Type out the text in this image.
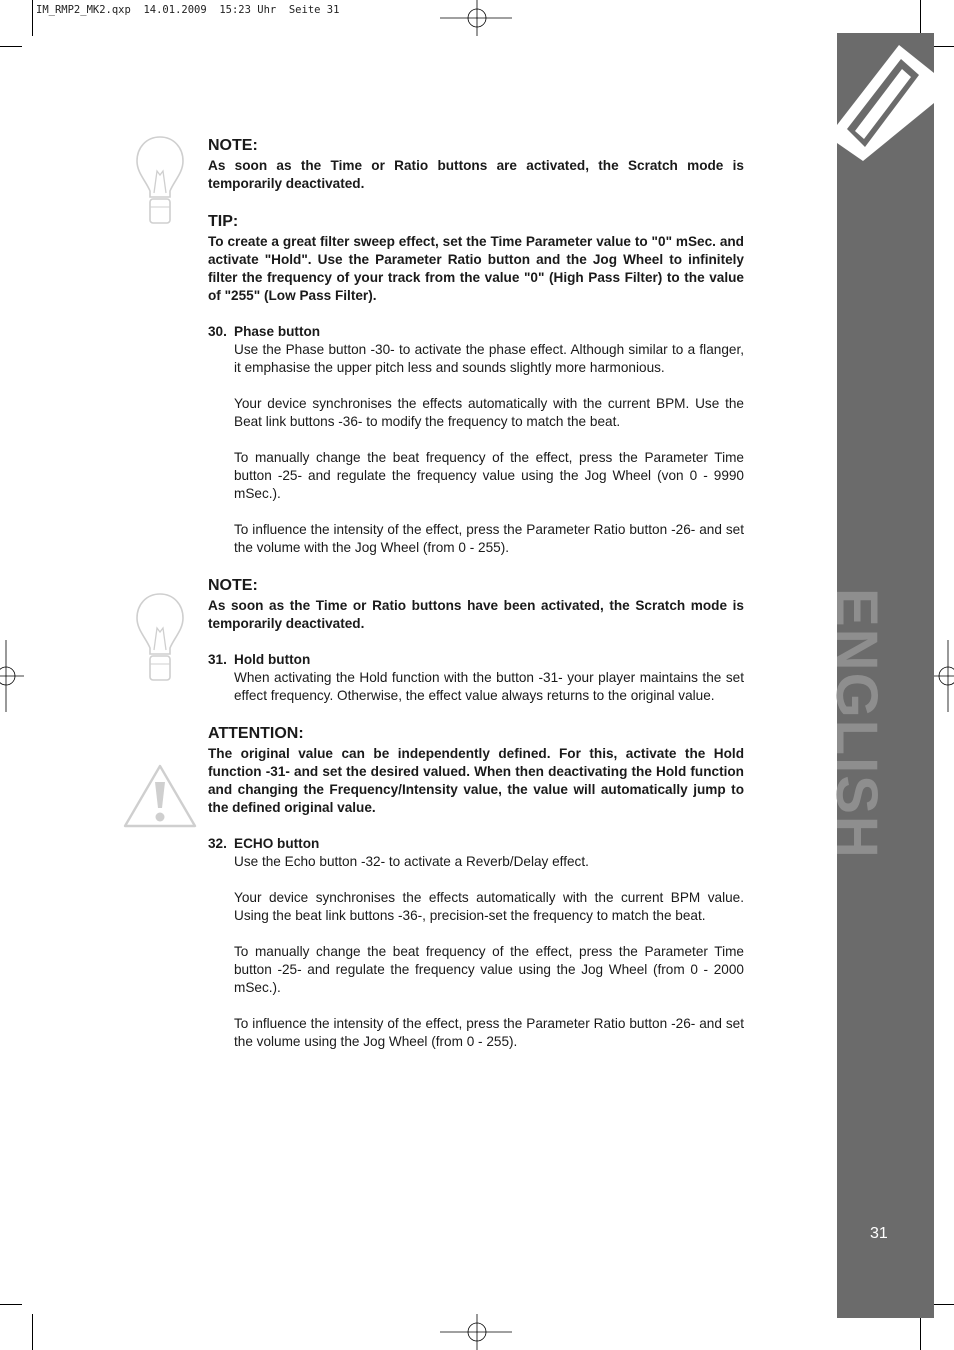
IM_RMP2_MK2.qxp  14.01.2009  15:23 Uhr  Seite 31
ENGLISH
31

NOTE:

As soon as the Time or Ratio buttons are activated, the Scratch mode is temporarily deactivated.

TIP:

To create a great filter sweep effect, set the Time Parameter value to "0" mSec. and activate "Hold". Use the Parameter Ratio button and the Jog Wheel to infinitely filter the frequency of your track from the value "0" (High Pass Filter) to the value of "255" (Low Pass Filter).

30. Phase button

Use the Phase button -30- to activate the phase effect. Although similar to a flanger, it emphasise the upper pitch less and sounds slightly more harmonious.

Your device synchronises the effects automatically with the current BPM. Use the Beat link buttons -36- to modify the frequency to match the beat.

To manually change the beat frequency of the effect, press the Parameter Time button -25- and regulate the frequency value using the Jog Wheel (von 0 - 9990 mSec.).

To influence the intensity of the effect, press the Parameter Ratio button -26- and set the volume with the Jog Wheel (from 0 - 255).

NOTE:

As soon as the Time or Ratio buttons have been activated, the Scratch mode is temporarily deactivated.

31. Hold button

When activating the Hold function with the button -31- your player maintains the set effect frequency. Otherwise, the effect value always returns to the original value.

ATTENTION:

The original value can be independently defined. For this, activate the Hold function -31- and set the desired valued. When then deactivating the Hold function and changing the Frequency/Intensity value, the value will automatically jump to the defined original value.

32. ECHO button

Use the Echo button -32- to activate a Reverb/Delay effect.

Your device synchronises the effects automatically with the current BPM value. Using the beat link buttons -36-, precision-set the frequency to match the beat.

To manually change the beat frequency of the effect, press the Parameter Time button -25- and regulate the frequency value using the Jog Wheel (from 0 - 2000 mSec.).

To influence the intensity of the effect, press the Parameter Ratio button -26- and set the volume using the Jog Wheel (from 0 - 255).
